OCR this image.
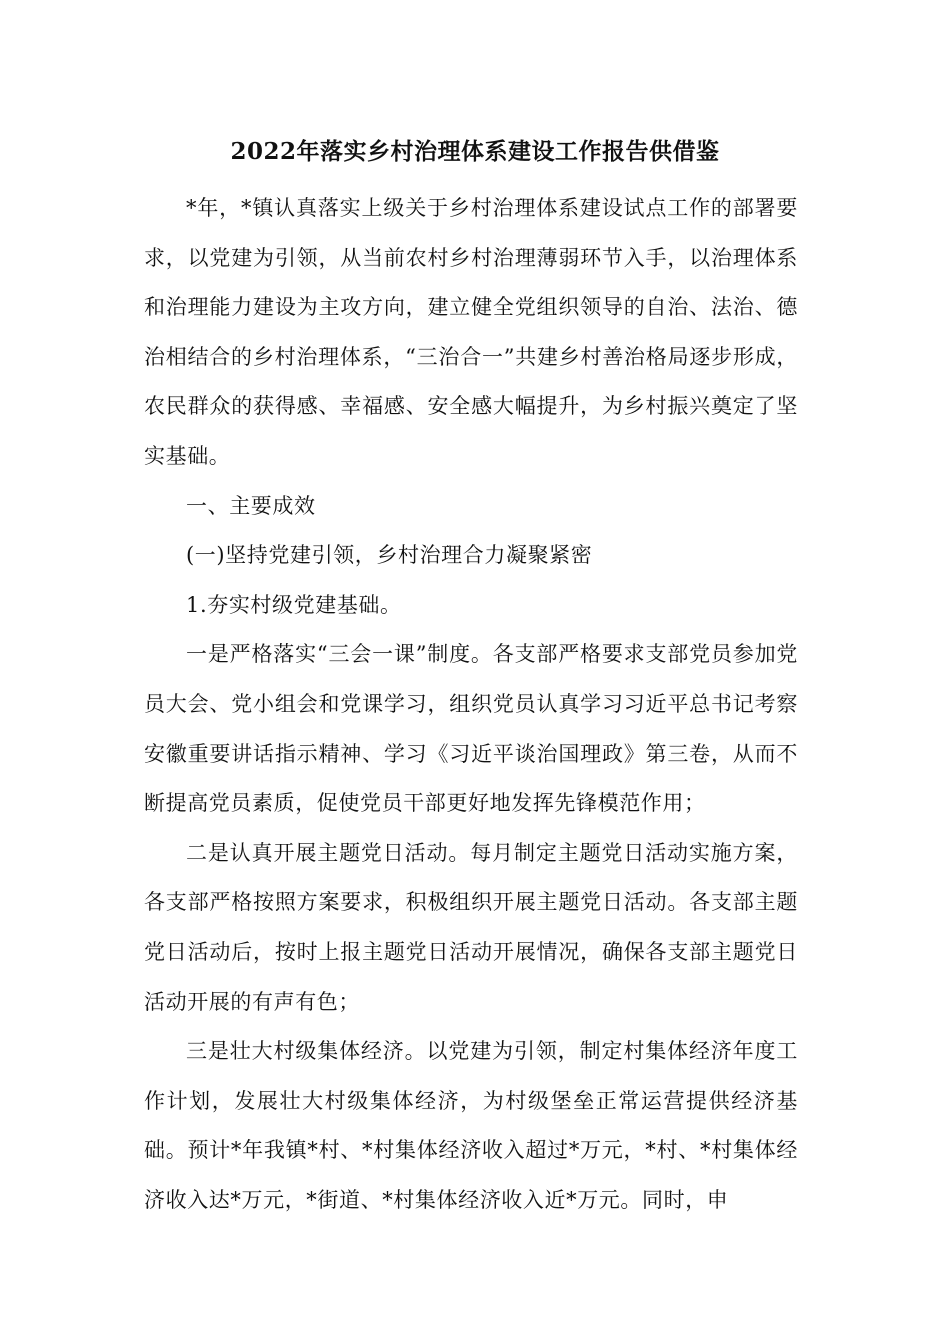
2022年落实乡村治理体系建设工作报告供借鉴

*年，*镇认真落实上级关于乡村治理体系建设试点工作的部署要求，以党建为引领，从当前农村乡村治理薄弱环节入手，以治理体系和治理能力建设为主攻方向，建立健全党组织领导的自治、法治、德治相结合的乡村治理体系，“三治合一”共建乡村善治格局逐步形成，农民群众的获得感、幸福感、安全感大幅提升，为乡村振兴奠定了坚实基础。

一、主要成效

(一)坚持党建引领，乡村治理合力凝聚紧密

1.夯实村级党建基础。

一是严格落实“三会一课”制度。各支部严格要求支部党员参加党员大会、党小组会和党课学习，组织党员认真学习习近平总书记考察安徽重要讲话指示精神、学习《习近平谈治国理政》第三卷，从而不断提高党员素质，促使党员干部更好地发挥先锋模范作用；

二是认真开展主题党日活动。每月制定主题党日活动实施方案，各支部严格按照方案要求，积极组织开展主题党日活动。各支部主题党日活动后，按时上报主题党日活动开展情况，确保各支部主题党日活动开展的有声有色；

三是壮大村级集体经济。以党建为引领，制定村集体经济年度工作计划，发展壮大村级集体经济，为村级堡垒正常运营提供经济基础。预计*年我镇*村、*村集体经济收入超过*万元，*村、*村集体经济收入达*万元，*街道、*村集体经济收入近*万元。同时，申
